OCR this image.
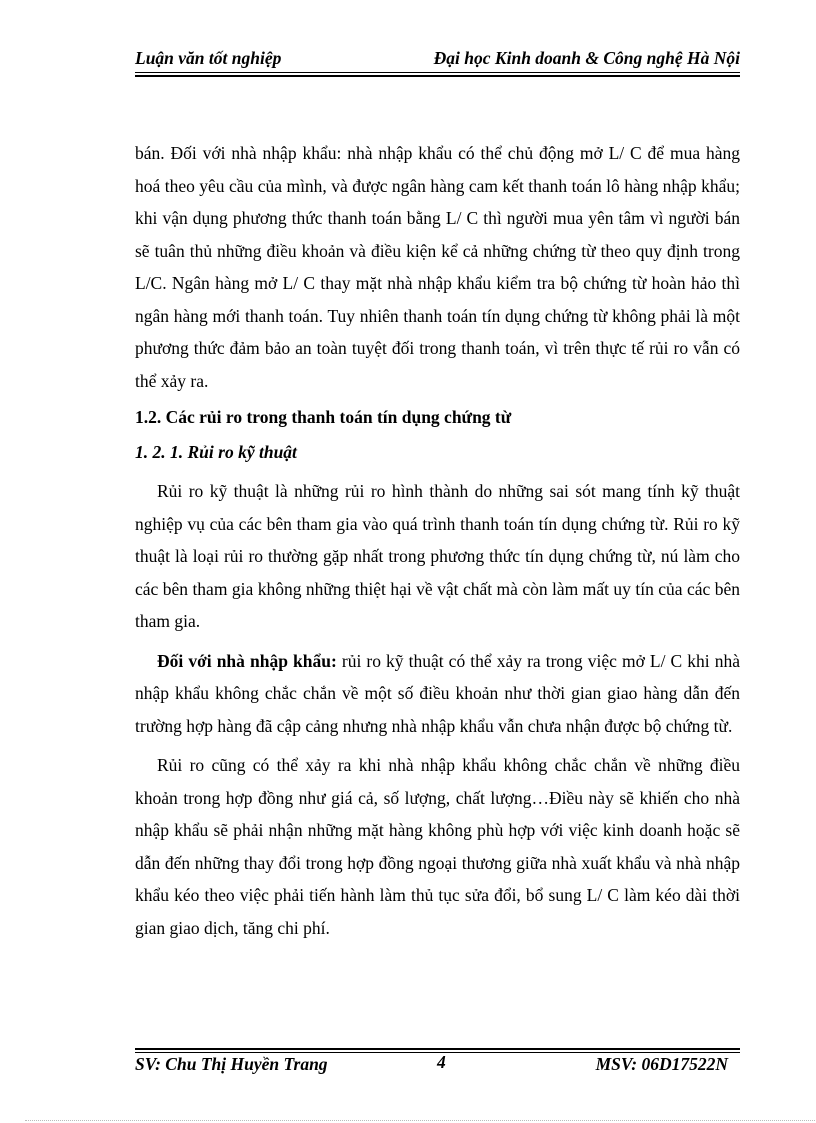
Luận văn tốt nghiệp	Đại học Kinh doanh & Công nghệ Hà Nội

bán. Đối với nhà nhập khẩu: nhà nhập khẩu có thể chủ động mở L/ C để mua hàng hoá theo yêu cầu của mình, và được ngân hàng cam kết thanh toán lô hàng nhập khẩu; khi vận dụng phương thức thanh toán bằng L/ C thì người mua yên tâm vì người bán sẽ tuân thủ những điều khoản và điều kiện kể cả những chứng từ theo quy định trong L/C. Ngân hàng mở L/ C thay mặt nhà nhập khẩu kiểm tra bộ chứng từ hoàn hảo thì ngân hàng mới thanh toán. Tuy nhiên thanh toán tín dụng chứng từ không phải là một phương thức đảm bảo an toàn tuyệt đối trong thanh toán, vì trên thực tế rủi ro vẫn có thể xảy ra.

1.2. Các rủi ro trong thanh toán tín dụng chứng từ

1. 2. 1. Rủi ro kỹ thuật

Rủi ro kỹ thuật là những rủi ro hình thành do những sai sót mang tính kỹ thuật nghiệp vụ của các bên tham gia vào quá trình thanh toán tín dụng chứng từ. Rủi ro kỹ thuật là loại rủi ro thường gặp nhất trong phương thức tín dụng chứng từ, nú làm cho các bên tham gia không những thiệt hại về vật chất mà còn làm mất uy tín của các bên tham gia.

Đối với nhà nhập khẩu: rủi ro kỹ thuật có thể xảy ra trong việc mở L/ C khi nhà nhập khẩu không chắc chắn về một số điều khoản như thời gian giao hàng dẫn đến trường hợp hàng đã cập cảng nhưng nhà nhập khẩu vẫn chưa nhận được bộ chứng từ.

Rủi ro cũng có thể xảy ra khi nhà nhập khẩu không chắc chắn về những điều khoản trong hợp đồng như giá cả, số lượng, chất lượng…Điều này sẽ khiến cho nhà nhập khẩu sẽ phải nhận những mặt hàng không phù hợp với việc kinh doanh hoặc sẽ dẫn đến những thay đổi trong hợp đồng ngoại thương giữa nhà xuất khẩu và nhà nhập khẩu kéo theo việc phải tiến hành làm thủ tục sửa đổi, bổ sung L/ C làm kéo dài thời gian giao dịch, tăng chi phí.

SV: Chu Thị Huyền Trang	4	MSV: 06D17522N
